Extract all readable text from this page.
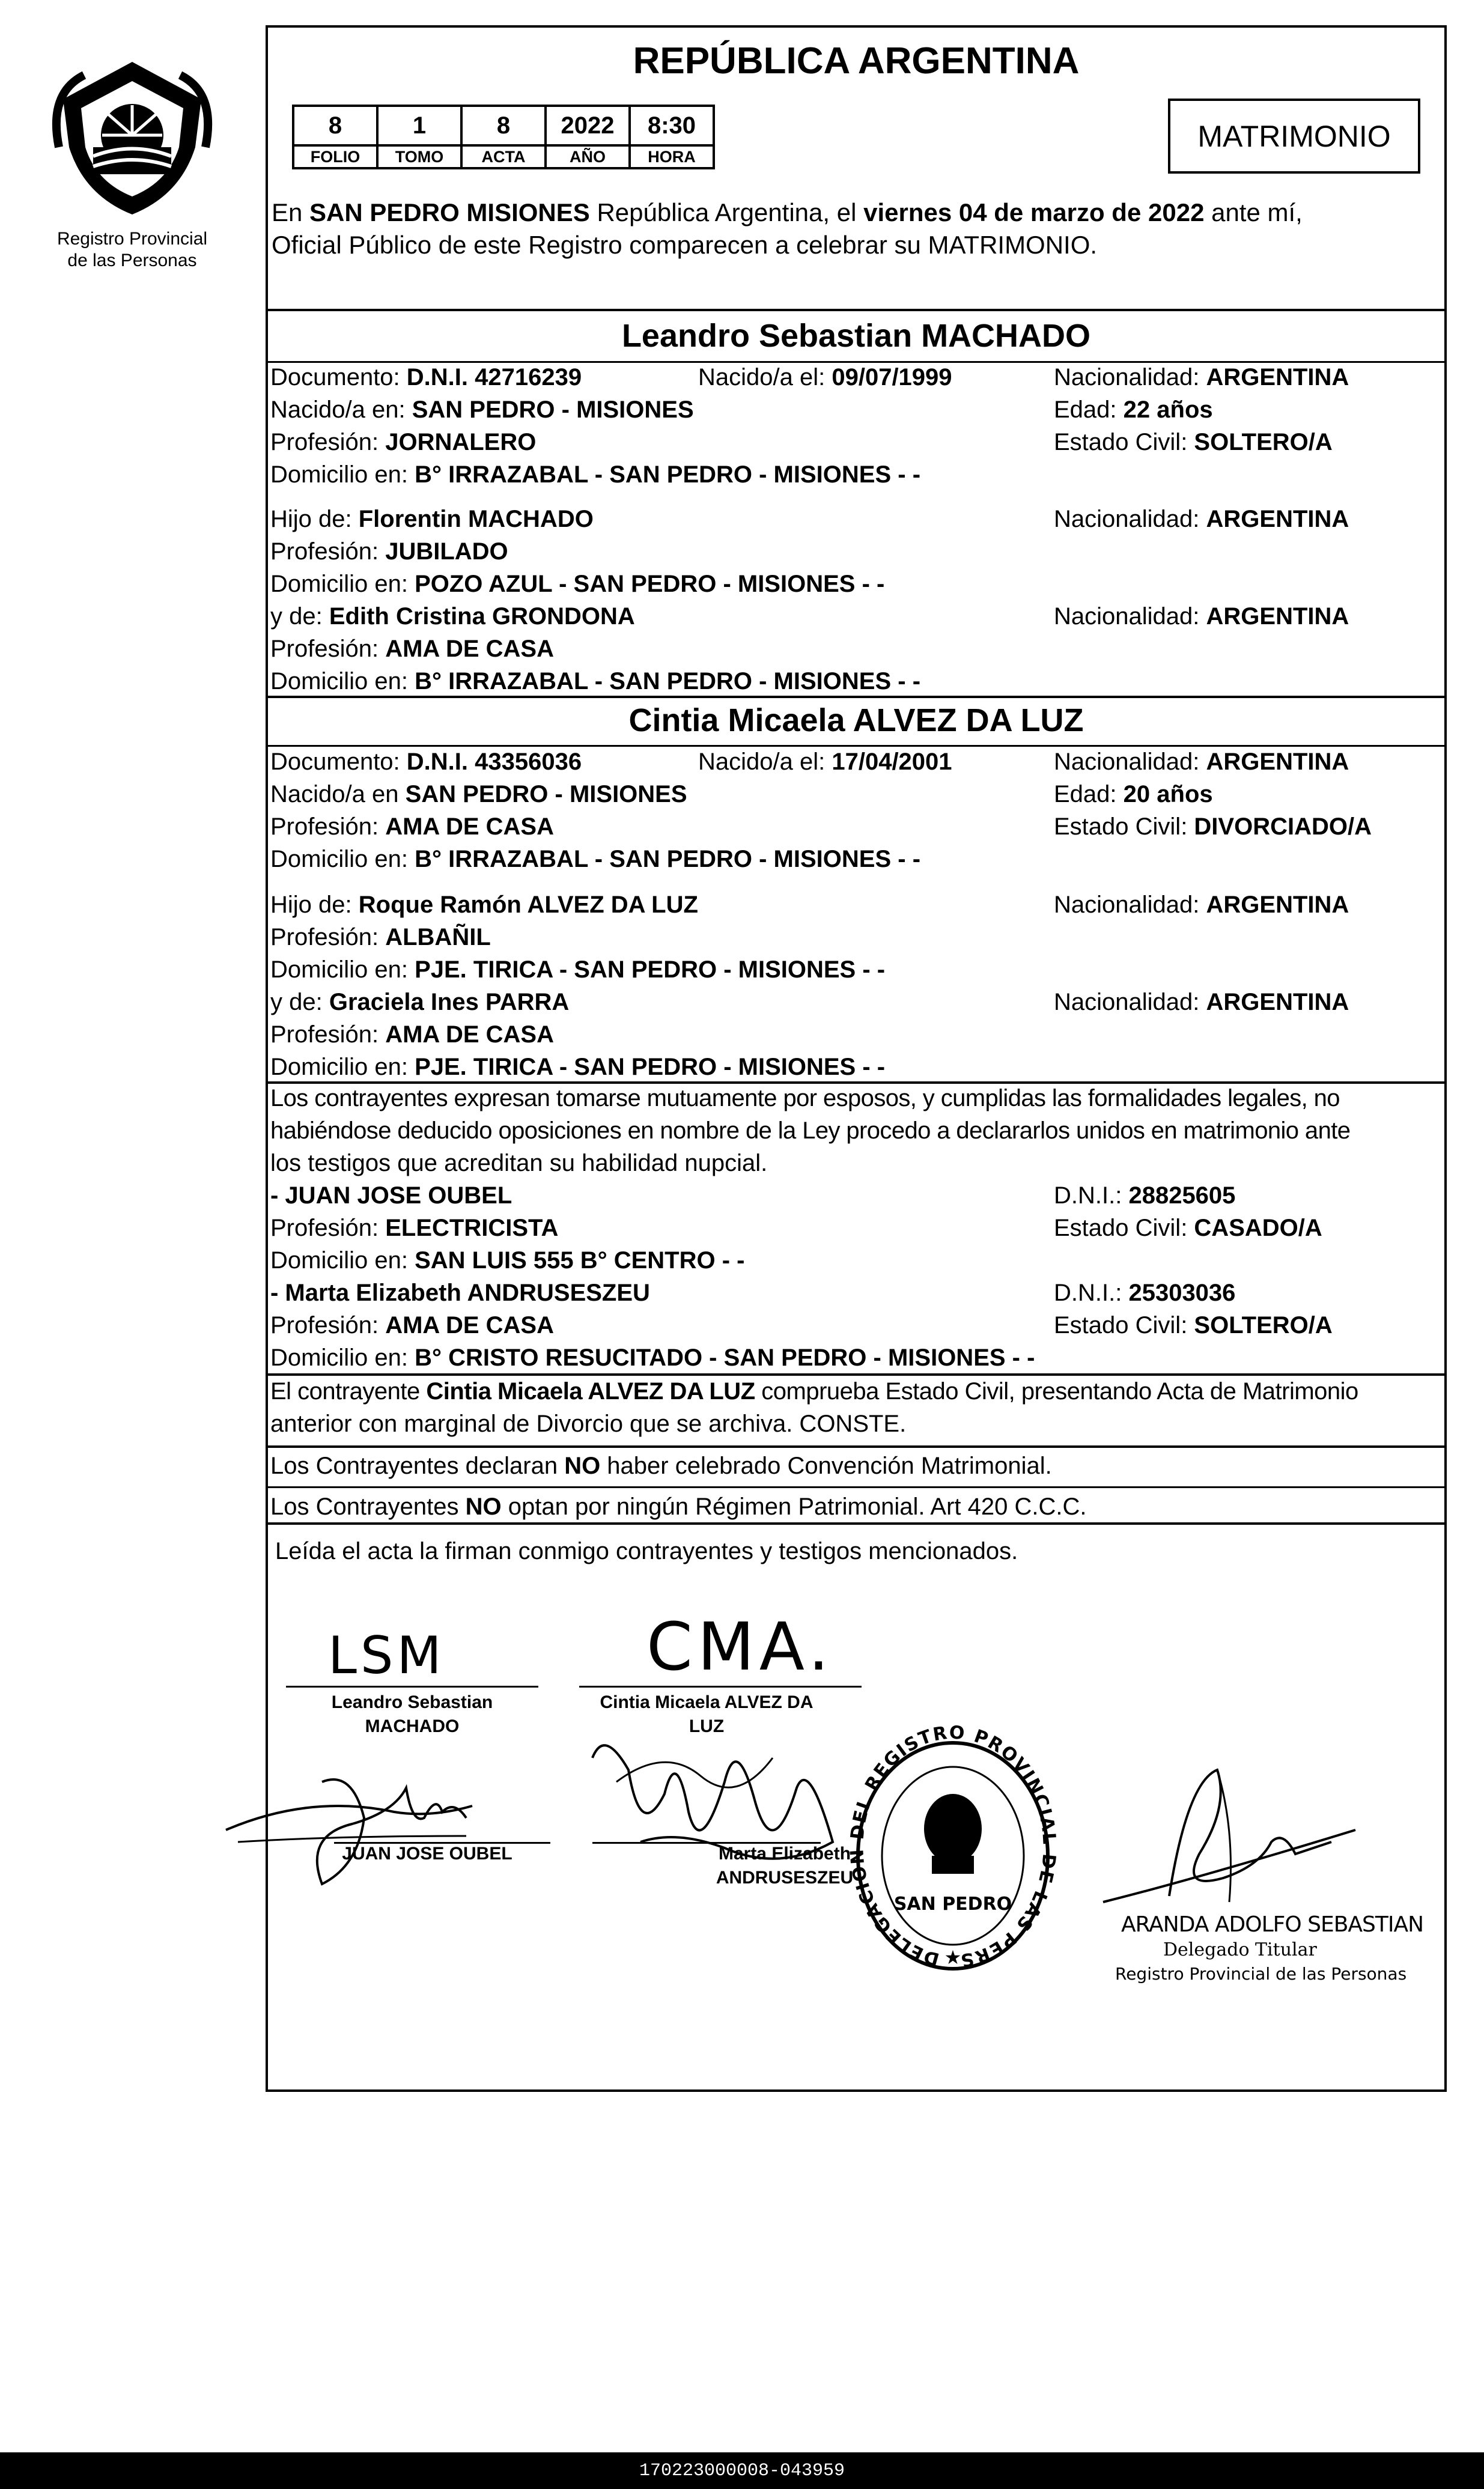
Registro Provincial
de las Personas
REPÚBLICA ARGENTINA
8	1	8	2022	8:30
FOLIO	TOMO	ACTA	AÑO	HORA
MATRIMONIO
En SAN PEDRO MISIONES República Argentina, el viernes 04 de marzo de 2022 ante mí,
Oficial Público de este Registro comparecen a celebrar su MATRIMONIO.
Leandro Sebastian MACHADO
Documento: D.N.I. 42716239	Nacido/a el: 09/07/1999	Nacionalidad: ARGENTINA
Nacido/a en: SAN PEDRO - MISIONES	Edad: 22 años
Profesión: JORNALERO	Estado Civil: SOLTERO/A
Domicilio en: B° IRRAZABAL - SAN PEDRO - MISIONES - -
Hijo de: Florentin MACHADO	Nacionalidad: ARGENTINA
Profesión: JUBILADO
Domicilio en: POZO AZUL - SAN PEDRO - MISIONES - -
y de: Edith Cristina GRONDONA	Nacionalidad: ARGENTINA
Profesión: AMA DE CASA
Domicilio en: B° IRRAZABAL - SAN PEDRO - MISIONES - -
Cintia Micaela ALVEZ DA LUZ
Documento: D.N.I. 43356036	Nacido/a el: 17/04/2001	Nacionalidad: ARGENTINA
Nacido/a en SAN PEDRO - MISIONES	Edad: 20 años
Profesión: AMA DE CASA	Estado Civil: DIVORCIADO/A
Domicilio en: B° IRRAZABAL - SAN PEDRO - MISIONES - -
Hijo de: Roque Ramón ALVEZ DA LUZ	Nacionalidad: ARGENTINA
Profesión: ALBAÑIL
Domicilio en: PJE. TIRICA - SAN PEDRO - MISIONES - -
y de: Graciela Ines PARRA	Nacionalidad: ARGENTINA
Profesión: AMA DE CASA
Domicilio en: PJE. TIRICA - SAN PEDRO - MISIONES - -
Los contrayentes expresan tomarse mutuamente por esposos, y cumplidas las formalidades legales, no
habiéndose deducido oposiciones en nombre de la Ley procedo a declararlos unidos en matrimonio ante
los testigos que acreditan su habilidad nupcial.
- JUAN JOSE OUBEL	D.N.I.: 28825605
Profesión: ELECTRICISTA	Estado Civil: CASADO/A
Domicilio en: SAN LUIS 555 B° CENTRO - -
- Marta Elizabeth ANDRUSESZEU	D.N.I.: 25303036
Profesión: AMA DE CASA	Estado Civil: SOLTERO/A
Domicilio en: B° CRISTO RESUCITADO - SAN PEDRO - MISIONES - -
El contrayente Cintia Micaela ALVEZ DA LUZ comprueba Estado Civil, presentando Acta de Matrimonio
anterior con marginal de Divorcio que se archiva. CONSTE.
Los Contrayentes declaran NO haber celebrado Convención Matrimonial.
Los Contrayentes NO optan por ningún Régimen Patrimonial. Art 420 C.C.C.
Leída el acta la firman conmigo contrayentes y testigos mencionados.
LSM
Leandro Sebastian
MACHADO
CMA.
Cintia Micaela ALVEZ DA
LUZ
JUAN JOSE OUBEL	Marta Elizabeth
ANDRUSESZEU
DELEGACION DEL REGISTRO PROVINCIAL DE LAS PERSONAS
SAN PEDRO
★
ARANDA ADOLFO SEBASTIAN
Delegado Titular
Registro Provincial de las Personas
170223000008-043959
